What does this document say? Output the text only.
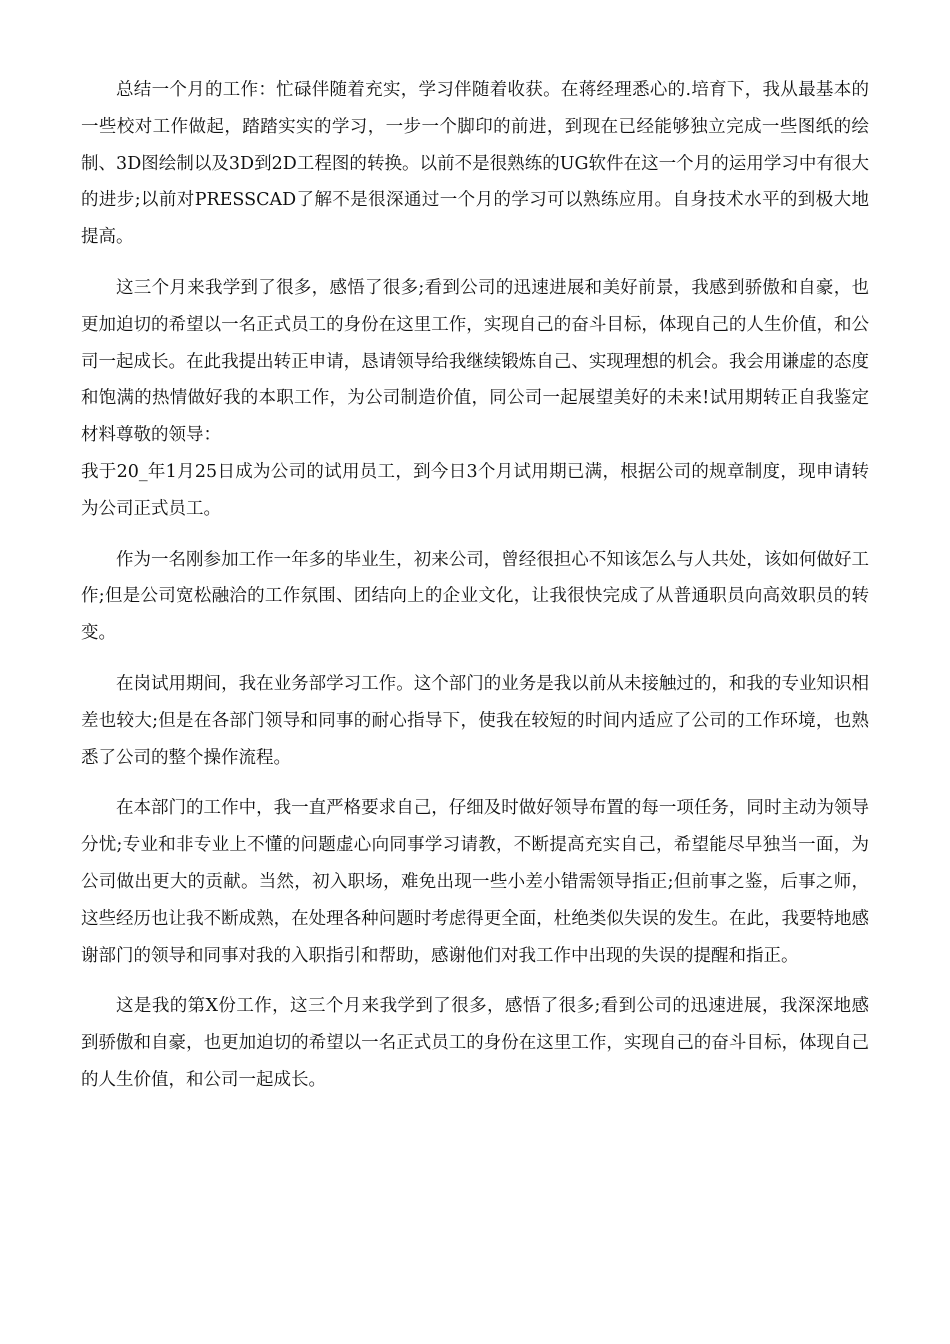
总结一个月的工作：忙碌伴随着充实，学习伴随着收获。在蒋经理悉心的.培育下，我从最基本的一些校对工作做起，踏踏实实的学习，一步一个脚印的前进，到现在已经能够独立完成一些图纸的绘制、3D图绘制以及3D到2D工程图的转换。以前不是很熟练的UG软件在这一个月的运用学习中有很大的进步;以前对PRESSCAD了解不是很深通过一个月的学习可以熟练应用。自身技术水平的到极大地提高。

这三个月来我学到了很多，感悟了很多;看到公司的迅速进展和美好前景，我感到骄傲和自豪，也更加迫切的希望以一名正式员工的身份在这里工作，实现自己的奋斗目标，体现自己的人生价值，和公司一起成长。在此我提出转正申请，恳请领导给我继续锻炼自己、实现理想的机会。我会用谦虚的态度和饱满的热情做好我的本职工作，为公司制造价值，同公司一起展望美好的未来!试用期转正自我鉴定材料尊敬的领导：

我于20_年1月25日成为公司的试用员工，到今日3个月试用期已满，根据公司的规章制度，现申请转为公司正式员工。

作为一名刚参加工作一年多的毕业生，初来公司，曾经很担心不知该怎么与人共处，该如何做好工作;但是公司宽松融洽的工作氛围、团结向上的企业文化，让我很快完成了从普通职员向高效职员的转变。

在岗试用期间，我在业务部学习工作。这个部门的业务是我以前从未接触过的，和我的专业知识相差也较大;但是在各部门领导和同事的耐心指导下，使我在较短的时间内适应了公司的工作环境，也熟悉了公司的整个操作流程。

在本部门的工作中，我一直严格要求自己，仔细及时做好领导布置的每一项任务，同时主动为领导分忧;专业和非专业上不懂的问题虚心向同事学习请教，不断提高充实自己，希望能尽早独当一面，为公司做出更大的贡献。当然，初入职场，难免出现一些小差小错需领导指正;但前事之鉴，后事之师，这些经历也让我不断成熟，在处理各种问题时考虑得更全面，杜绝类似失误的发生。在此，我要特地感谢部门的领导和同事对我的入职指引和帮助，感谢他们对我工作中出现的失误的提醒和指正。

这是我的第X份工作，这三个月来我学到了很多，感悟了很多;看到公司的迅速进展，我深深地感到骄傲和自豪，也更加迫切的希望以一名正式员工的身份在这里工作，实现自己的奋斗目标，体现自己的人生价值，和公司一起成长。
